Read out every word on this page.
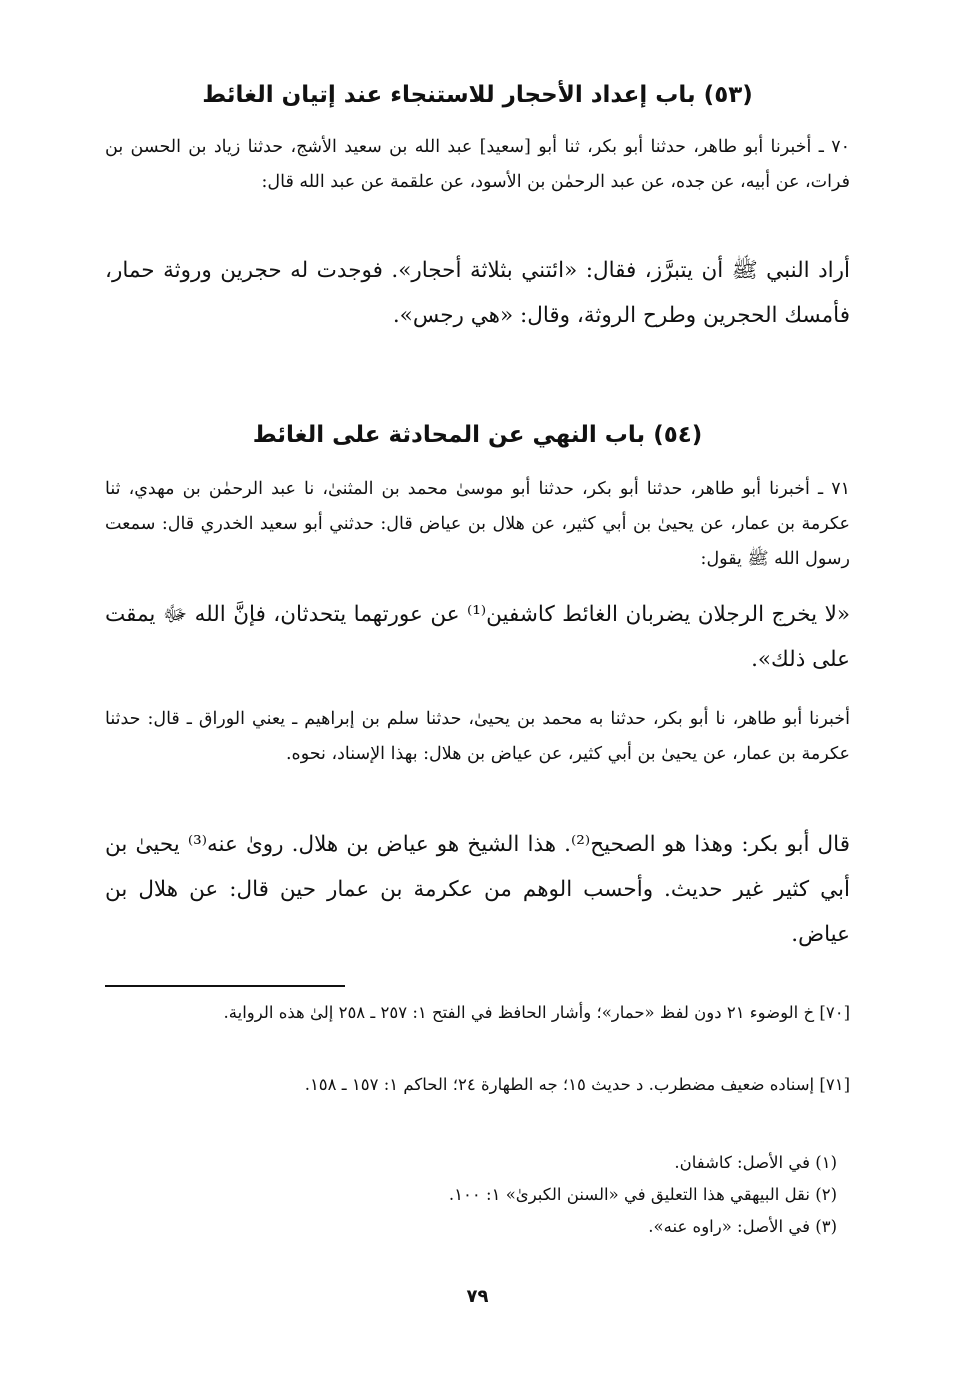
(٥٣) باب إعداد الأحجار للاستنجاء عند إتيان الغائط

٧٠ ـ أخبرنا أبو طاهر، حدثنا أبو بكر، ثنا أبو [سعيد] عبد الله بن سعيد الأشج، حدثنا زياد بن الحسن بن فرات، عن أبيه، عن جده، عن عبد الرحمٰن بن الأسود، عن علقمة عن عبد الله قال:

أراد النبي ﷺ أن يتبرَّز، فقال: «ائتني بثلاثة أحجار». فوجدت له حجرين وروثة حمار، فأمسك الحجرين وطرح الروثة، وقال: «هي رجس».

(٥٤) باب النهي عن المحادثة على الغائط

٧١ ـ أخبرنا أبو طاهر، حدثنا أبو بكر، حدثنا أبو موسىٰ محمد بن المثنىٰ، نا عبد الرحمٰن بن مهدي، ثنا عكرمة بن عمار، عن يحيىٰ بن أبي كثير، عن هلال بن عياض قال: حدثني أبو سعيد الخدري قال: سمعت رسول الله ﷺ يقول:

«لا يخرج الرجلان يضربان الغائط كاشفين⁽¹⁾ عن عورتهما يتحدثان، فإنَّ الله ﷻ يمقت على ذلك».

أخبرنا أبو طاهر، نا أبو بكر، حدثنا به محمد بن يحيىٰ، حدثنا سلم بن إبراهيم ـ يعني الوراق ـ قال: حدثنا عكرمة بن عمار، عن يحيىٰ بن أبي كثير، عن عياض بن هلال: بهذا الإسناد، نحوه.

قال أبو بكر: وهذا هو الصحيح⁽²⁾. هذا الشيخ هو عياض بن هلال. روىٰ عنه⁽³⁾ يحيىٰ بن أبي كثير غير حديث. وأحسب الوهم من عكرمة بن عمار حين قال: عن هلال بن عياض.

[٧٠] خ الوضوء ٢١ دون لفظ «حمار»؛ وأشار الحافظ في الفتح ١: ٢٥٧ ـ ٢٥٨ إلىٰ هذه الرواية.

[٧١] إسناده ضعيف مضطرب. د حديث ١٥؛ جه الطهارة ٢٤؛ الحاكم ١: ١٥٧ ـ ١٥٨.

(١) في الأصل: كاشفان.

(٢) نقل البيهقي هذا التعليق في «السنن الكبرىٰ» ١: ١٠٠.

(٣) في الأصل: «راوه عنه».

٧٩
